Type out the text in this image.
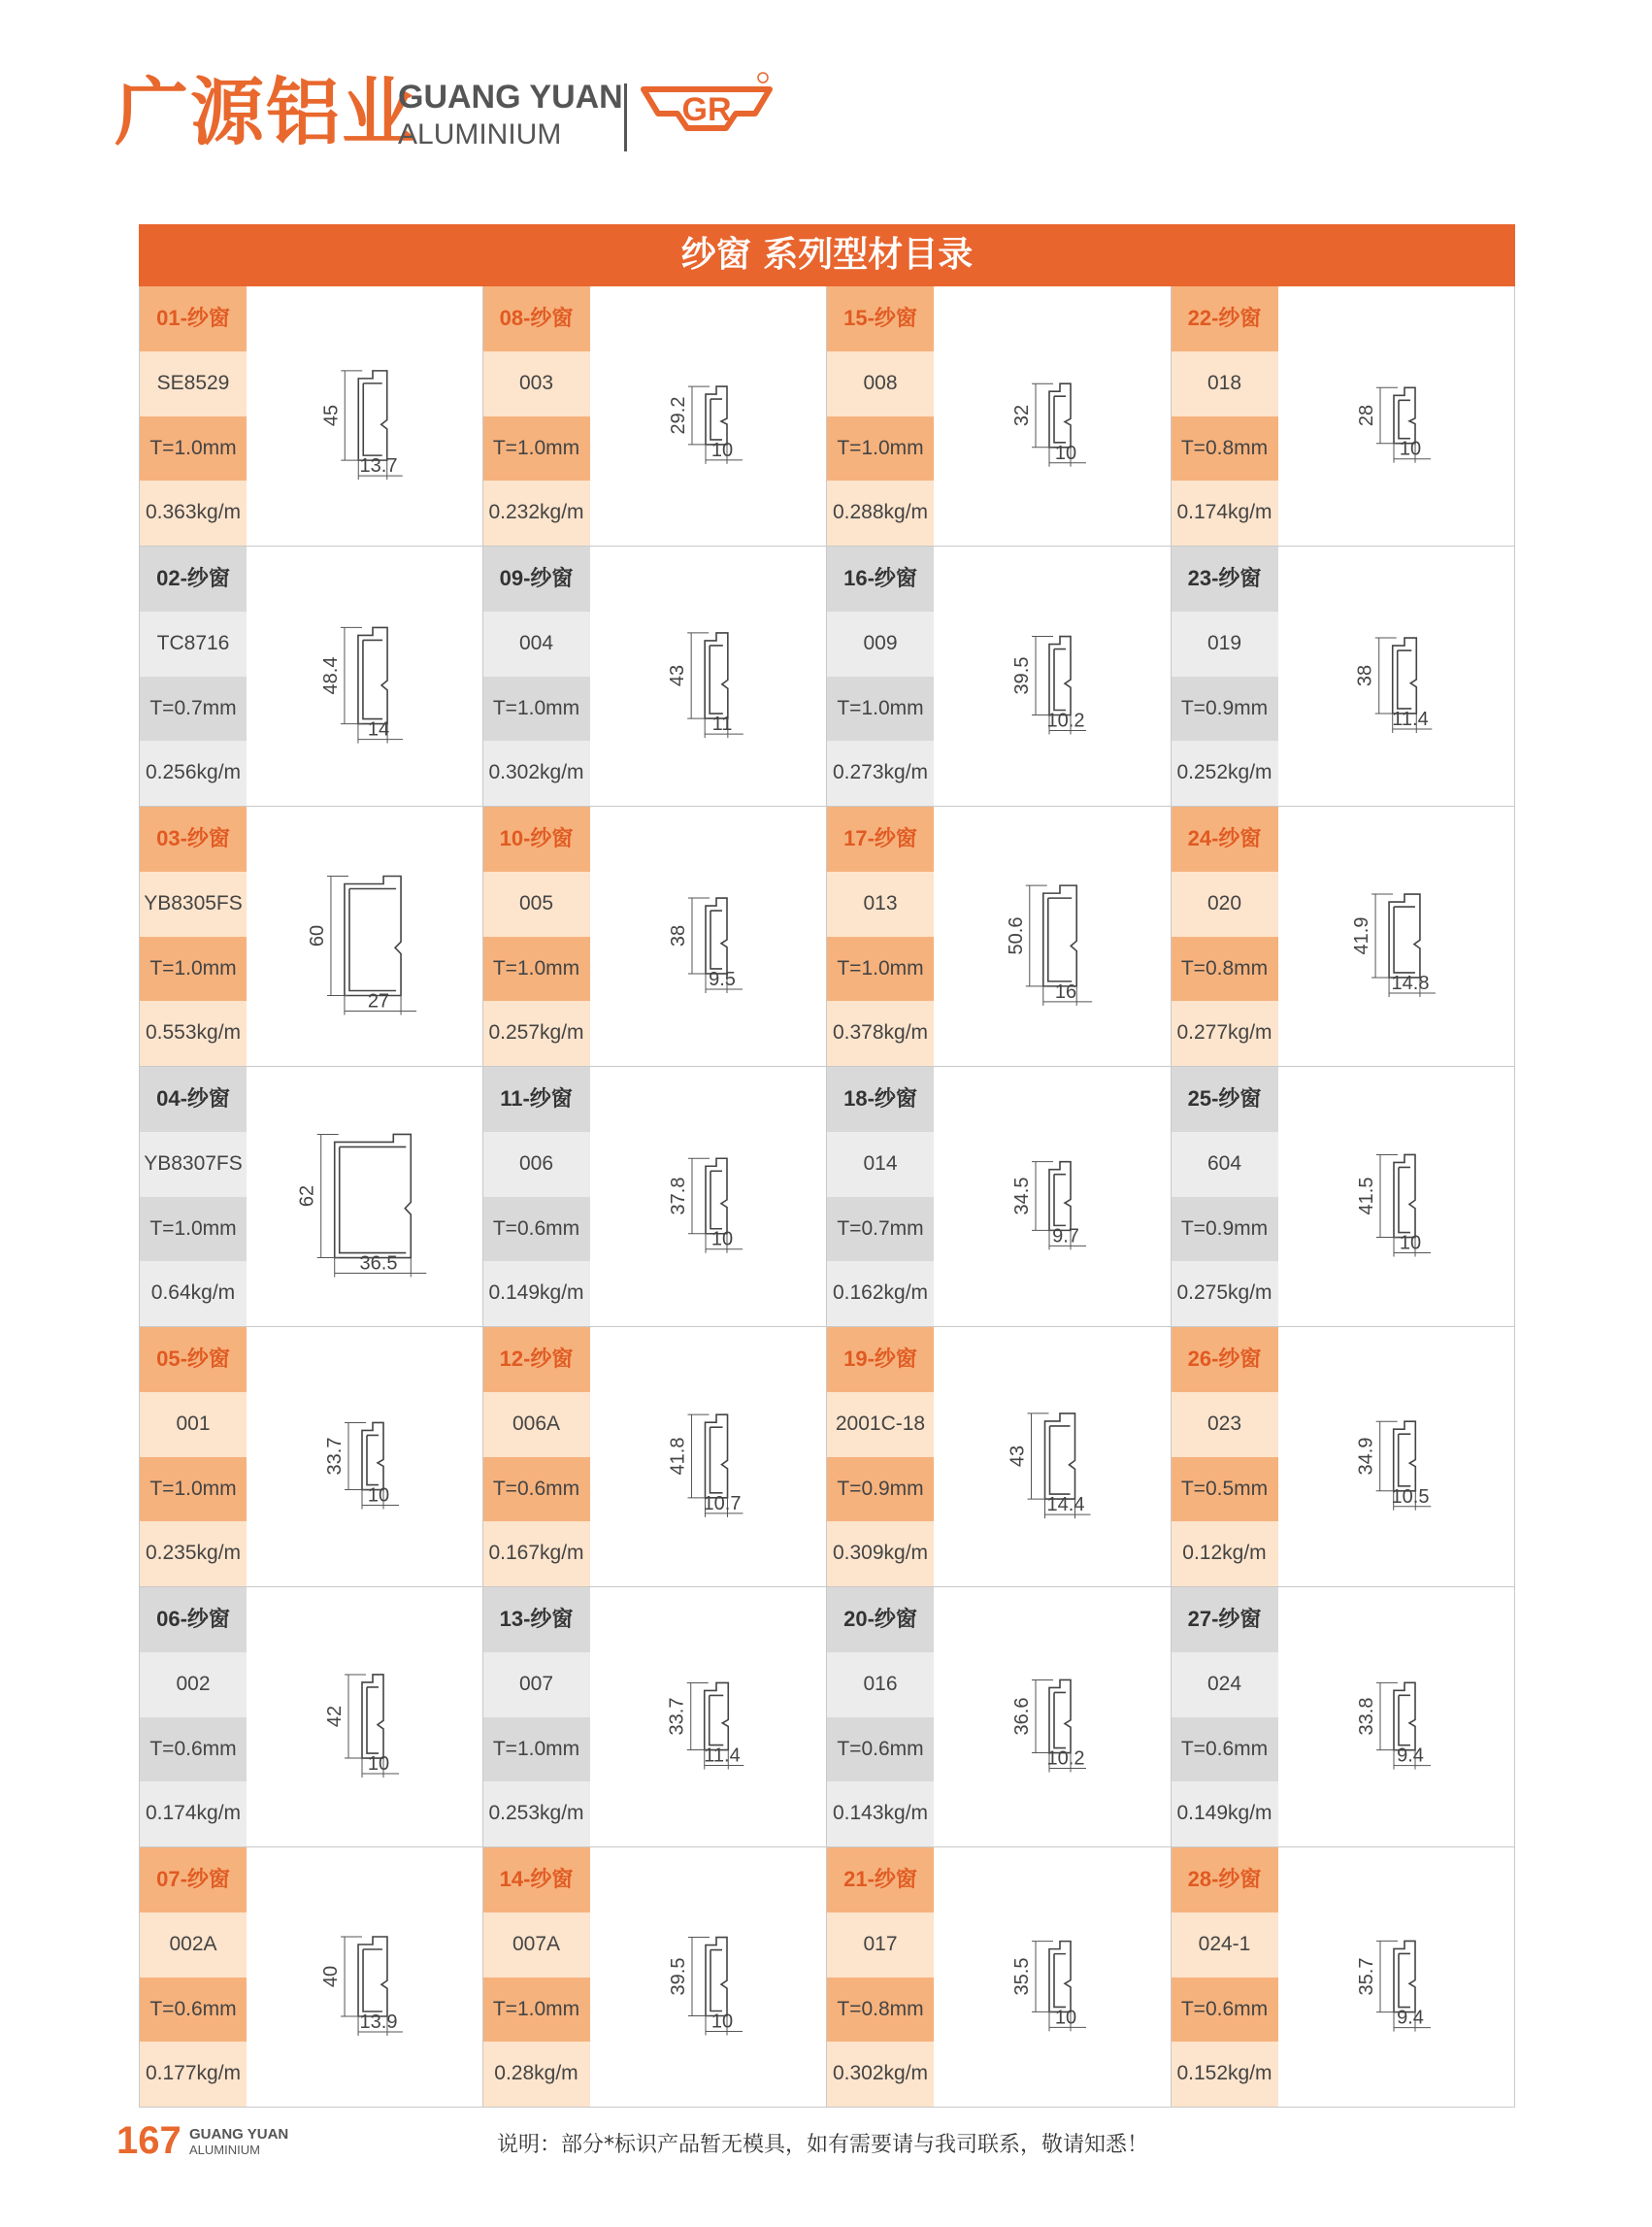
广源铝业
GUANG YUAN
ALUMINIUM
GR
纱窗 系列型材目录
01-纱窗
SE8529
T=1.0mm
0.363kg/m
45
13.7
08-纱窗
003
T=1.0mm
0.232kg/m
29.2
10
15-纱窗
008
T=1.0mm
0.288kg/m
32
10
22-纱窗
018
T=0.8mm
0.174kg/m
28
10
02-纱窗
TC8716
T=0.7mm
0.256kg/m
48.4
14
09-纱窗
004
T=1.0mm
0.302kg/m
43
11
16-纱窗
009
T=1.0mm
0.273kg/m
39.5
10.2
23-纱窗
019
T=0.9mm
0.252kg/m
38
11.4
03-纱窗
YB8305FS
T=1.0mm
0.553kg/m
60
27
10-纱窗
005
T=1.0mm
0.257kg/m
38
9.5
17-纱窗
013
T=1.0mm
0.378kg/m
50.6
16
24-纱窗
020
T=0.8mm
0.277kg/m
41.9
14.8
04-纱窗
YB8307FS
T=1.0mm
0.64kg/m
62
36.5
11-纱窗
006
T=0.6mm
0.149kg/m
37.8
10
18-纱窗
014
T=0.7mm
0.162kg/m
34.5
9.7
25-纱窗
604
T=0.9mm
0.275kg/m
41.5
10
05-纱窗
001
T=1.0mm
0.235kg/m
33.7
10
12-纱窗
006A
T=0.6mm
0.167kg/m
41.8
10.7
19-纱窗
2001C-18
T=0.9mm
0.309kg/m
43
14.4
26-纱窗
023
T=0.5mm
0.12kg/m
34.9
10.5
06-纱窗
002
T=0.6mm
0.174kg/m
42
10
13-纱窗
007
T=1.0mm
0.253kg/m
33.7
11.4
20-纱窗
016
T=0.6mm
0.143kg/m
36.6
10.2
27-纱窗
024
T=0.6mm
0.149kg/m
33.8
9.4
07-纱窗
002A
T=0.6mm
0.177kg/m
40
13.9
14-纱窗
007A
T=1.0mm
0.28kg/m
39.5
10
21-纱窗
017
T=0.8mm
0.302kg/m
35.5
10
28-纱窗
024-1
T=0.6mm
0.152kg/m
35.7
9.4
167 GUANG YUAN
ALUMINIUM	说明：部分*标识产品暂无模具，如有需要请与我司联系，敬请知悉！
